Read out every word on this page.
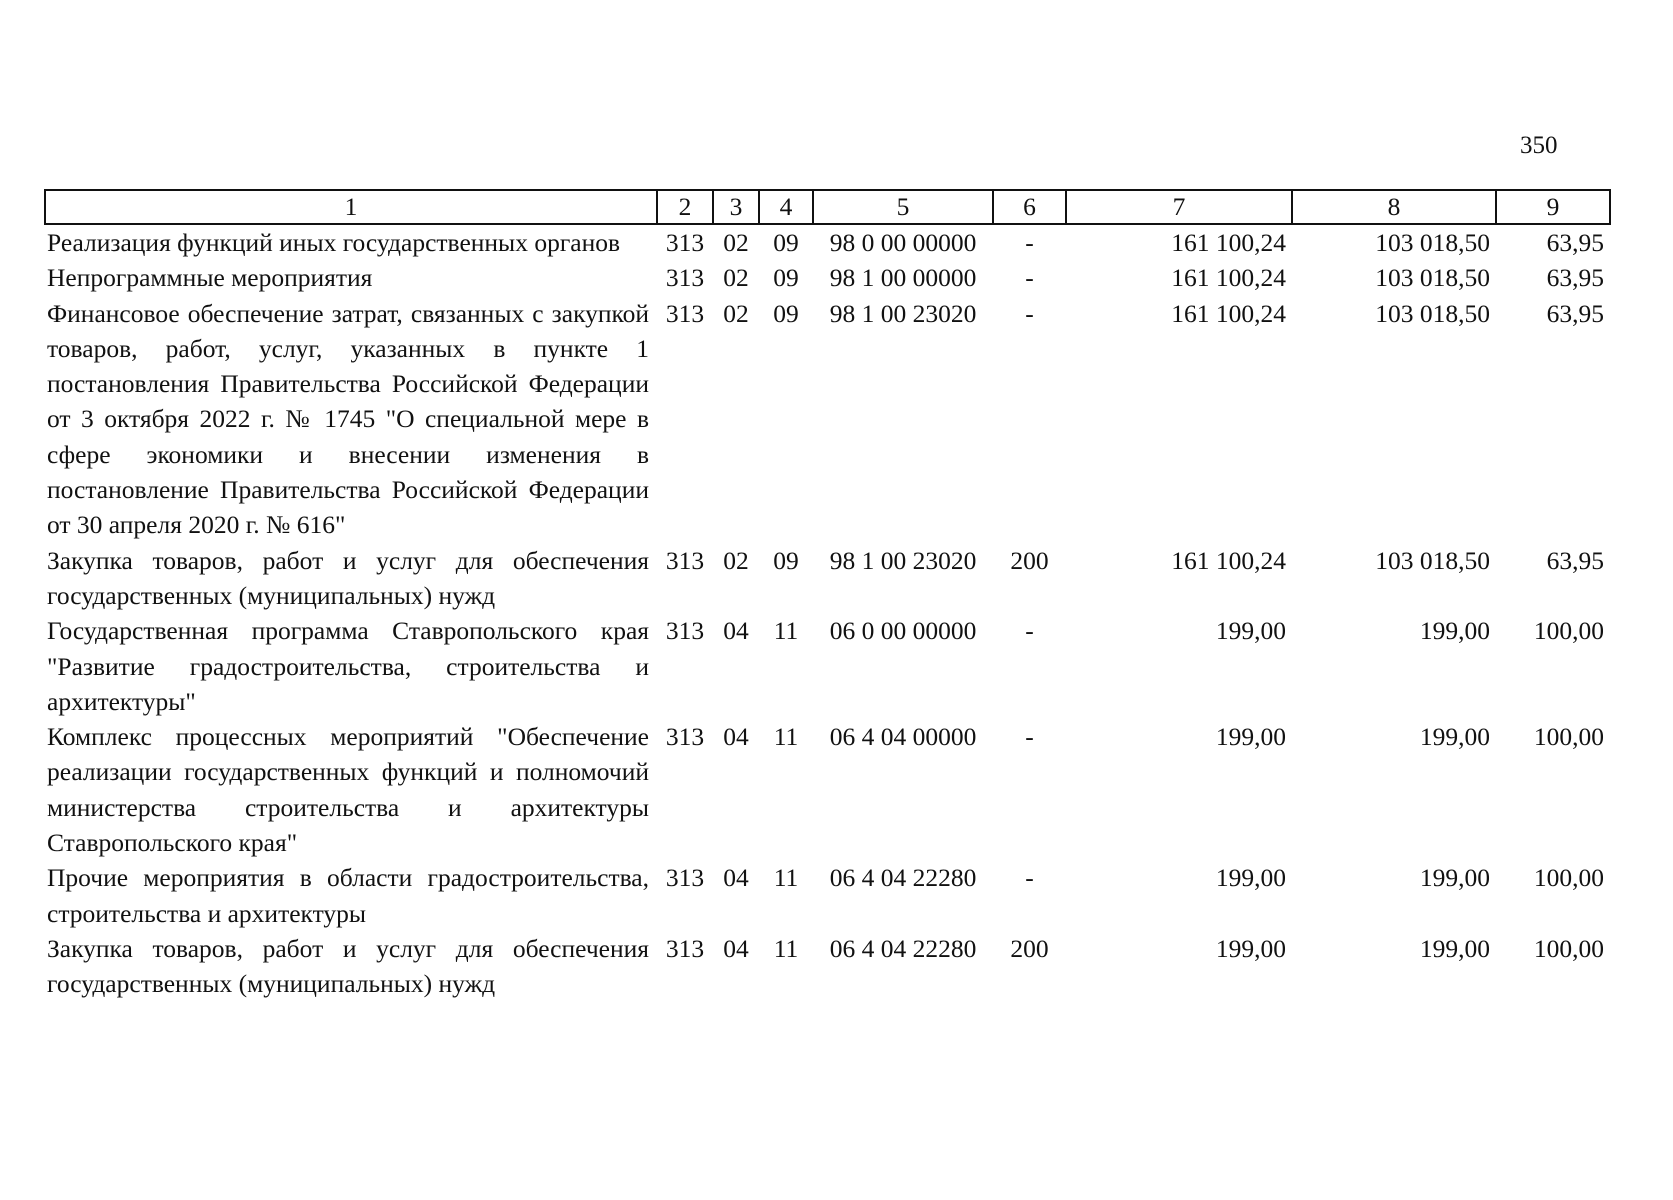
350
1	2	3	4	5	6	7	8	9
Реализация функций иных государственных органов	313	02	09	98 0 00 00000	-	161 100,24	103 018,50	63,95
Непрограммные мероприятия	313	02	09	98 1 00 00000	-	161 100,24	103 018,50	63,95
Финансовое обеспечение затрат, связанных с закупкой товаров, работ, услуг, указанных в пункте 1 постановления Правительства Российской Федерации от 3 октября 2022 г. № 1745 "О специальной мере в сфере экономики и внесении изменения в постановление Правительства Российской Федерации от 30 апреля 2020 г. № 616"	313	02	09	98 1 00 23020	-	161 100,24	103 018,50	63,95
Закупка товаров, работ и услуг для обеспечения государственных (муниципальных) нужд	313	02	09	98 1 00 23020	200	161 100,24	103 018,50	63,95
Государственная программа Ставропольского края "Развитие градостроительства, строительства и архитектуры"	313	04	11	06 0 00 00000	-	199,00	199,00	100,00
Комплекс процессных мероприятий "Обеспечение реализации государственных функций и полномочий министерства строительства и архитектуры Ставропольского края"	313	04	11	06 4 04 00000	-	199,00	199,00	100,00
Прочие мероприятия в области градостроительства, строительства и архитектуры	313	04	11	06 4 04 22280	-	199,00	199,00	100,00
Закупка товаров, работ и услуг для обеспечения государственных (муниципальных) нужд	313	04	11	06 4 04 22280	200	199,00	199,00	100,00
